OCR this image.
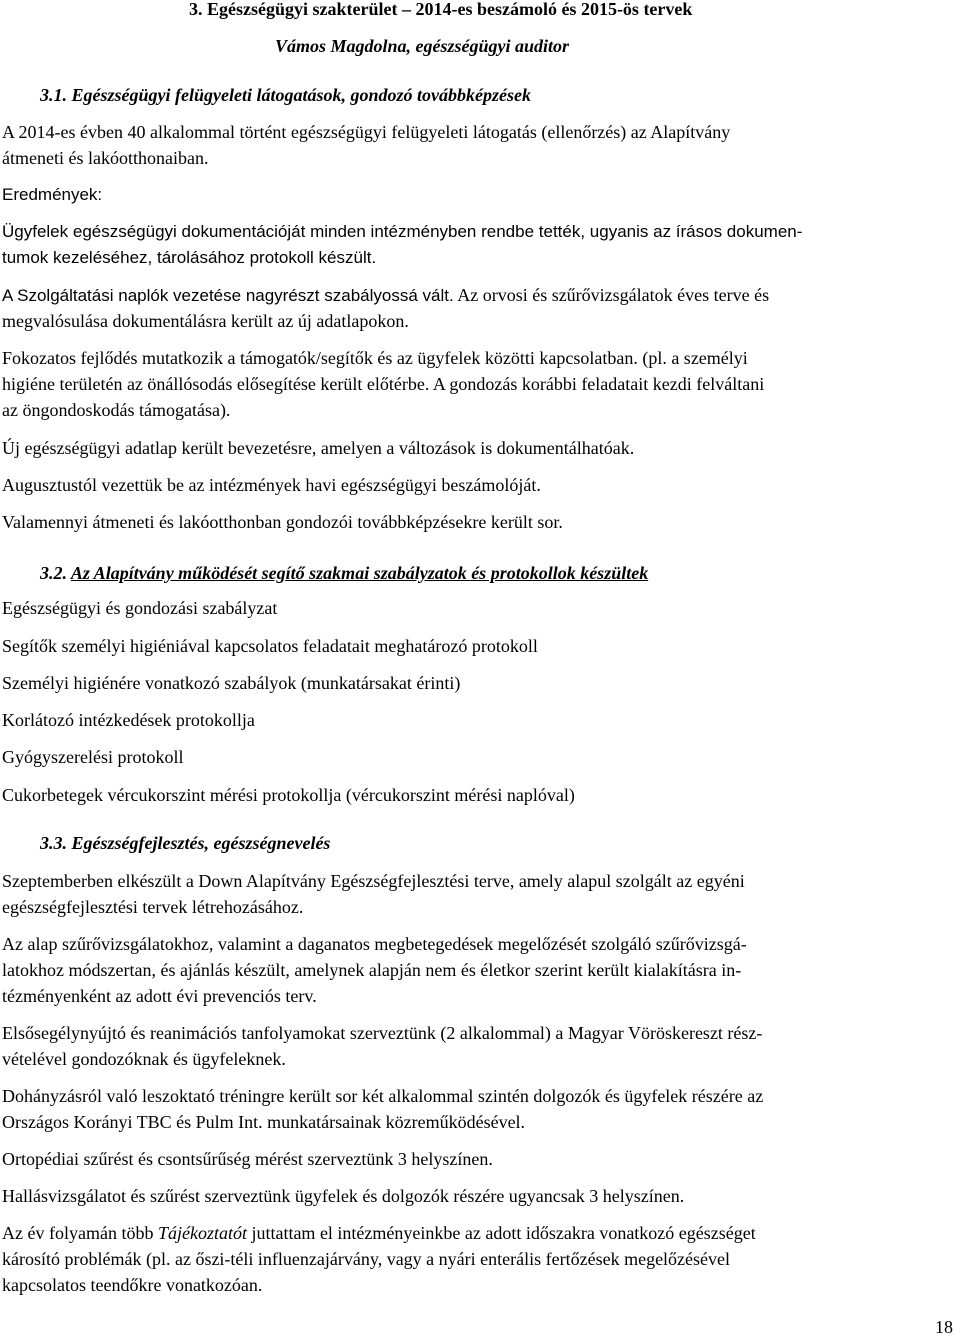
3. Egészségügyi szakterület – 2014-es beszámoló és 2015-ös tervek
Vámos Magdolna, egészségügyi auditor
3.1. Egészségügyi felügyeleti látogatások, gondozó továbbképzések
A 2014-es évben 40 alkalommal történt egészségügyi felügyeleti látogatás (ellenőrzés) az Alapítvány
átmeneti és lakóotthonaiban.
Eredmények:
Ügyfelek egészségügyi dokumentációját minden intézményben rendbe tették, ugyanis az írásos dokumen-
tumok kezeléséhez, tárolásához protokoll készült.
A Szolgáltatási naplók vezetése nagyrészt szabályossá vált. Az orvosi és szűrővizsgálatok éves terve és
megvalósulása dokumentálásra került az új adatlapokon.
Fokozatos fejlődés mutatkozik a támogatók/segítők és az ügyfelek közötti kapcsolatban. (pl. a személyi
higiéne területén az önállósodás elősegítése került előtérbe. A gondozás korábbi feladatait kezdi felváltani
az öngondoskodás támogatása).
Új egészségügyi adatlap került bevezetésre, amelyen a változások is dokumentálhatóak.
Augusztustól vezettük be az intézmények havi egészségügyi beszámolóját.
Valamennyi átmeneti és lakóotthonban gondozói továbbképzésekre került sor.
3.2. Az Alapítvány működését segítő szakmai szabályzatok és protokollok készültek
Egészségügyi és gondozási szabályzat
Segítők személyi higiéniával kapcsolatos feladatait meghatározó protokoll
Személyi higiénére vonatkozó szabályok (munkatársakat érinti)
Korlátozó intézkedések protokollja
Gyógyszerelési protokoll
Cukorbetegek vércukorszint mérési protokollja (vércukorszint mérési naplóval)
3.3. Egészségfejlesztés, egészségnevelés
Szeptemberben elkészült a Down Alapítvány Egészségfejlesztési terve, amely alapul szolgált az egyéni
egészségfejlesztési tervek létrehozásához.
Az alap szűrővizsgálatokhoz, valamint a daganatos megbetegedések megelőzését szolgáló szűrővizsgá-
latokhoz módszertan, és ajánlás készült, amelynek alapján nem és életkor szerint került kialakításra in-
tézményenként az adott évi prevenciós terv.
Elsősegélynyújtó és reanimációs tanfolyamokat szerveztünk (2 alkalommal) a Magyar Vöröskereszt rész-
vételével gondozóknak és ügyfeleknek.
Dohányzásról való leszoktató tréningre került sor két alkalommal szintén dolgozók és ügyfelek részére az
Országos Korányi TBC és Pulm Int. munkatársainak közreműködésével.
Ortopédiai szűrést és csontsűrűség mérést szerveztünk 3 helyszínen.
Hallásvizsgálatot és szűrést szerveztünk ügyfelek és dolgozók részére ugyancsak 3 helyszínen.
Az év folyamán több Tájékoztatót juttattam el intézményeinkbe az adott időszakra vonatkozó egészséget
károsító problémák (pl. az őszi-téli influenzajárvány, vagy a nyári enterális fertőzések megelőzésével
kapcsolatos teendőkre vonatkozóan.
18
